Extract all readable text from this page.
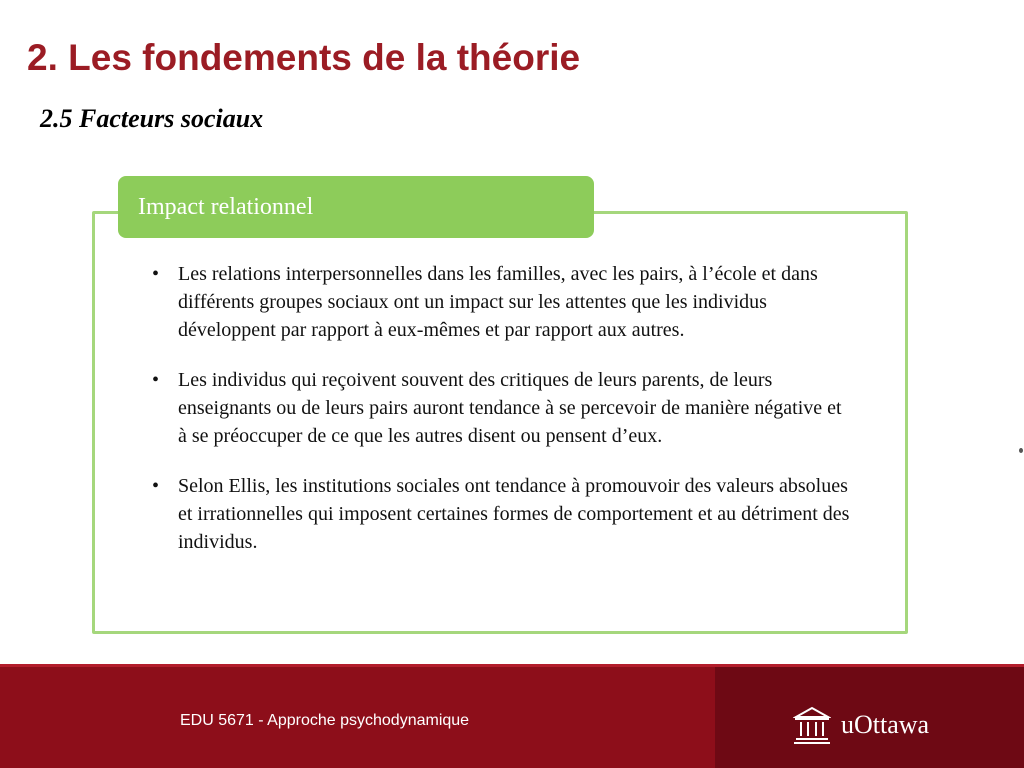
2. Les fondements de la théorie
2.5 Facteurs sociaux
Impact relationnel
• Les relations interpersonnelles dans les familles, avec les pairs, à l’école et dans différents groupes sociaux ont un impact sur les attentes que les individus développent par rapport à eux-mêmes et par rapport aux autres.
• Les individus qui reçoivent souvent des critiques de leurs parents, de leurs enseignants ou de leurs pairs auront tendance à se percevoir de manière négative et à se préoccuper de ce que les autres disent ou pensent d’eux.
• Selon Ellis, les institutions sociales ont tendance à promouvoir des valeurs absolues et irrationnelles qui imposent certaines formes de comportement et au détriment des individus.
EDU 5671 - Approche psychodynamique	uOttawa
